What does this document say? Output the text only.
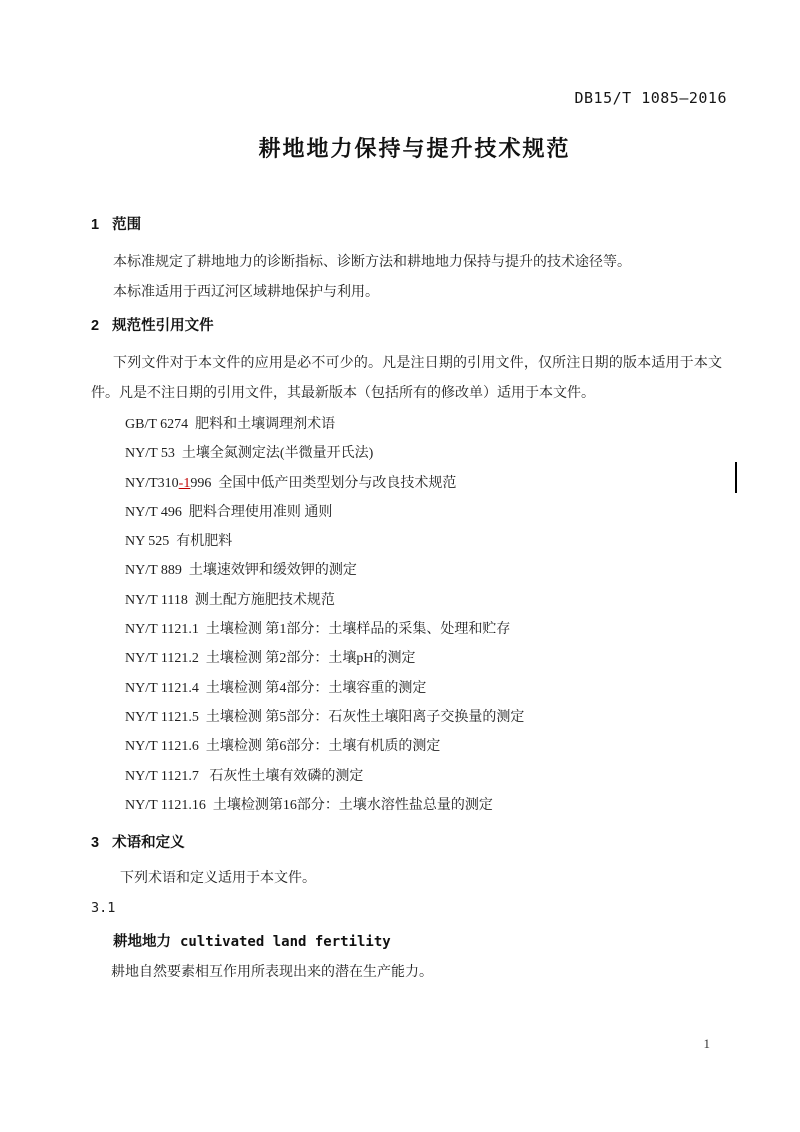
DB15/T 1085—2016
耕地地力保持与提升技术规范
1 范围
本标准规定了耕地地力的诊断指标、诊断方法和耕地地力保持与提升的技术途径等。
本标准适用于西辽河区域耕地保护与利用。
2 规范性引用文件
下列文件对于本文件的应用是必不可少的。凡是注日期的引用文件，仅所注日期的版本适用于本文件。凡是不注日期的引用文件，其最新版本（包括所有的修改单）适用于本文件。
GB/T 6274  肥料和土壤调理剂术语
NY/T 53  土壤全氮测定法(半微量开氏法)
NY/T310-1996  全国中低产田类型划分与改良技术规范
NY/T 496  肥料合理使用准则 通则
NY 525  有机肥料
NY/T 889  土壤速效钾和缓效钾的测定
NY/T 1118  测土配方施肥技术规范
NY/T 1121.1  土壤检测 第1部分：土壤样品的采集、处理和贮存
NY/T 1121.2  土壤检测 第2部分：土壤pH的测定
NY/T 1121.4  土壤检测 第4部分：土壤容重的测定
NY/T 1121.5  土壤检测 第5部分：石灰性土壤阳离子交换量的测定
NY/T 1121.6  土壤检测 第6部分：土壤有机质的测定
NY/T 1121.7   石灰性土壤有效磷的测定
NY/T 1121.16  土壤检测第16部分：土壤水溶性盐总量的测定
3 术语和定义
下列术语和定义适用于本文件。
3.1
耕地地力 cultivated land fertility
耕地自然要素相互作用所表现出来的潜在生产能力。
1
